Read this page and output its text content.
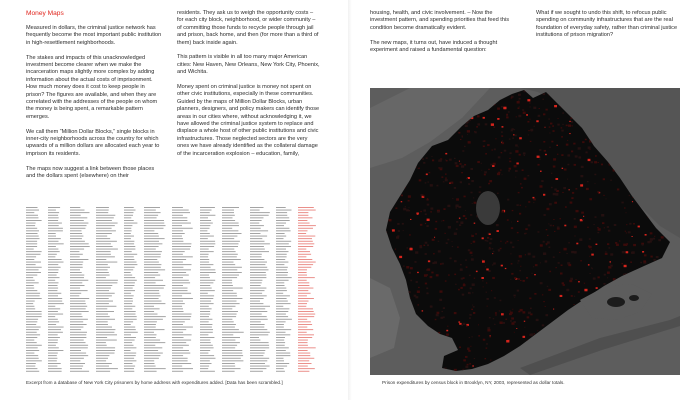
Money Maps

Measured in dollars, the criminal justice network has frequently become the most important public institution in high-resettlement neighborhoods.

The stakes and impacts of this unacknowledged investment become clearer when we make the incarceration maps slightly more complex by adding information about the actual costs of imprisonment. How much money does it cost to keep people in prison? The figures are available, and when they are correlated with the addresses of the people on whom the money is being spent, a remarkable pattern emerges.

We call them “Million Dollar Blocks,” single blocks in inner-city neighborhoods across the country for which upwards of a million dollars are allocated each year to imprison its residents.

The maps now suggest a link between those places and the dollars spent (elsewhere) on their

residents. They ask us to weigh the opportunity costs – for each city block, neighborhood, or wider community – of committing those funds to recycle people through jail and prison, back home, and then (for more than a third of them) back inside again.

This pattern is visible in all too many major American cities: New Haven, New Orleans, New York City, Phoenix, and Wichita.

Money spent on criminal justice is money not spent on other civic institutions, especially in these communities. Guided by the maps of Million Dollar Blocks, urban planners, designers, and policy makers can identify those areas in our cities where, without acknowledging it, we have allowed the criminal justice system to replace and displace a whole host of other public institutions and civic infrastructures. Those neglected sectors are the very ones we have already identified as the collateral damage of the incarceration explosion – education, family,

housing, health, and civic involvement. – Now the investment pattern, and spending priorities that feed this condition become dramatically evident.

The new maps, it turns out, have induced a thought experiment and raised a fundamental question:

What if we sought to undo this shift, to refocus public spending on community infrastructures that are the real foundation of everyday safety, rather than criminal justice institutions of prison migration?

Excerpt from a database of New York City prisoners by home address with expenditures added. [Data has been scrambled.]	Prison expenditures by census block in Brooklyn, NY, 2003, represented as dollar totals.
